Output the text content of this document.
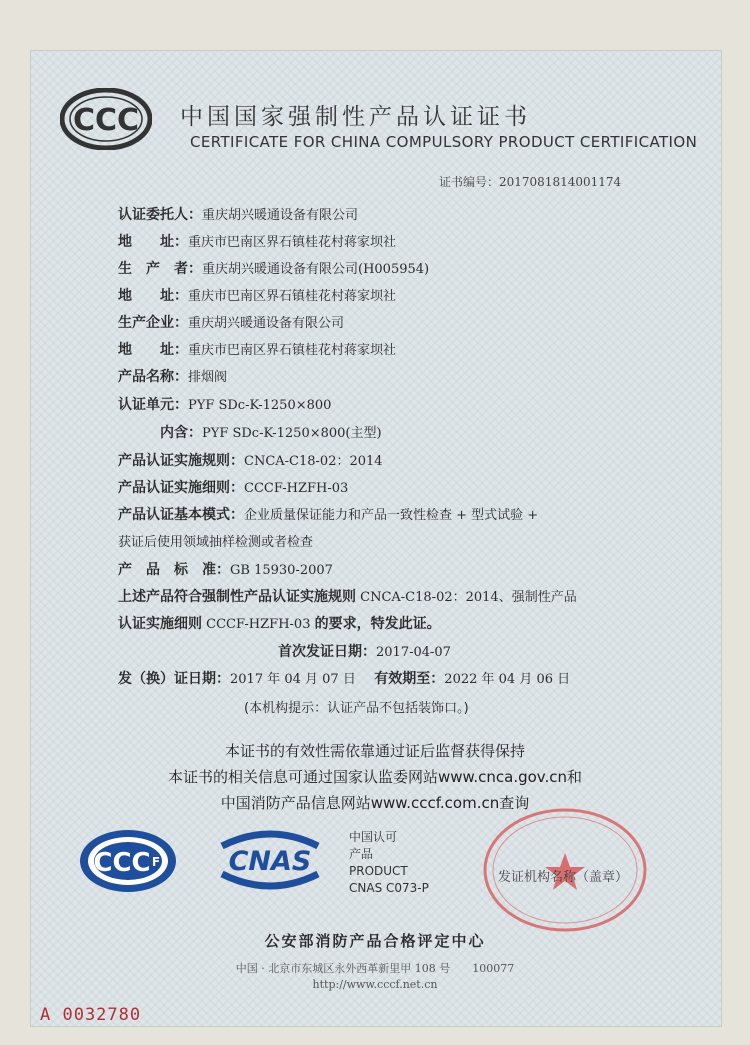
CCC 中国国家强制性产品认证证书
CERTIFICATE FOR CHINA COMPULSORY PRODUCT CERTIFICATION
证书编号：2017081814001174
认证委托人：重庆胡兴暖通设备有限公司
地　　址：重庆市巴南区界石镇桂花村蒋家坝社
生　产　者：重庆胡兴暖通设备有限公司(H005954)
地　　址：重庆市巴南区界石镇桂花村蒋家坝社
生产企业：重庆胡兴暖通设备有限公司
地　　址：重庆市巴南区界石镇桂花村蒋家坝社
产品名称：排烟阀
认证单元：PYF SDc-K-1250×800
内含：PYF SDc-K-1250×800(主型)
产品认证实施规则：CNCA-C18-02：2014
产品认证实施细则：CCCF-HZFH-03
产品认证基本模式：企业质量保证能力和产品一致性检查 + 型式试验 +
获证后使用领域抽样检测或者检查
产　品　标　准：GB 15930-2007
上述产品符合强制性产品认证实施规则 CNCA-C18-02：2014、强制性产品
认证实施细则 CCCF-HZFH-03 的要求，特发此证。
首次发证日期：2017-04-07
发（换）证日期：2017 年 04 月 07 日 有效期至：2022 年 04 月 06 日
(本机构提示：认证产品不包括装饰口。)
本证书的有效性需依靠通过证后监督获得保持
本证书的相关信息可通过国家认监委网站www.cnca.gov.cn和
中国消防产品信息网站www.cccf.com.cn查询
CCC F	CNAS
中国认可
产品
PRODUCT
CNAS C073-P
发证机构名称（盖章）
公安部消防产品合格评定中心
中国 · 北京市东城区永外西革新里甲 108 号　　100077
http://www.cccf.net.cn
A 0032780
